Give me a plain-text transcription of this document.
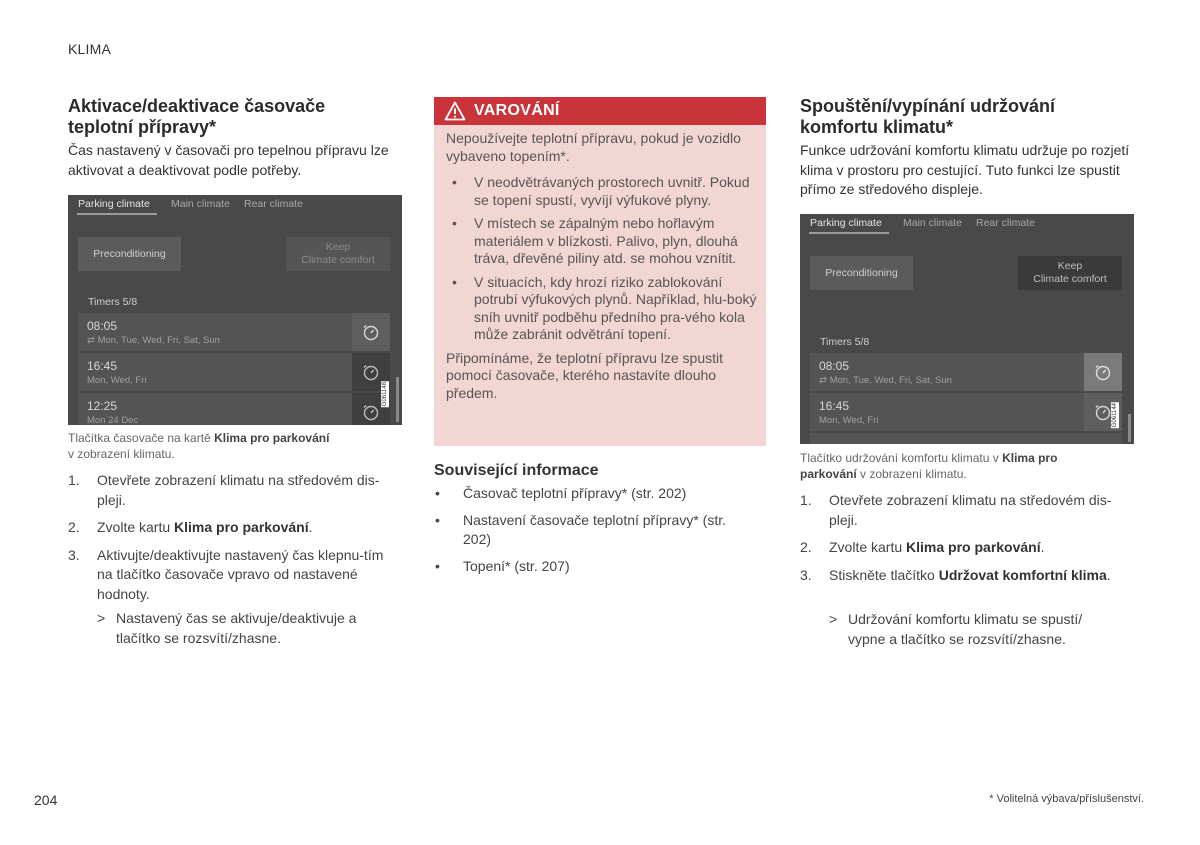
KLIMA
Aktivace/deaktivace časovače teplotní přípravy*

Čas nastavený v časovači pro tepelnou přípravu lze aktivovat a deaktivovat podle potřeby.

Parking climate Main climate Rear climate
Preconditioning
Keep
Climate comfort
Timers 5/8
08:05
⇄ Mon, Tue, Wed, Fri, Sat, Sun
16:45
Mon, Wed, Fri
12:25
Mon 24 Dec
G061148
Tlačítka časovače na kartě Klima pro parkování
v zobrazení klimatu.
1. Otevřete zobrazení klimatu na středovém dis-pleji.
2. Zvolte kartu Klima pro parkování.
3. Aktivujte/deaktivujte nastavený čas klepnu-tím na tlačítko časovače vpravo od nastavené hodnoty.
> Nastavený čas se aktivuje/deaktivuje a tlačítko se rozsvítí/zhasne.
VAROVÁNÍ

Nepoužívejte teplotní přípravu, pokud je vozidlo vybaveno topením*.

• V neodvětrávaných prostorech uvnitř. Pokud se topení spustí, vyvíjí výfukové plyny.
• V místech se zápalným nebo hořlavým materiálem v blízkosti. Palivo, plyn, dlouhá tráva, dřevěné piliny atd. se mohou vznítit.
• V situacích, kdy hrozí riziko zablokování potrubí výfukových plynů. Například, hlu-boký sníh uvnitř podběhu předního pra-vého kola může zabránit odvětrání topení.

Připomínáme, že teplotní přípravu lze spustit pomocí časovače, kterého nastavíte dlouho předem.

Související informace
• Časovač teplotní přípravy* (str. 202)
• Nastavení časovače teplotní přípravy* (str. 202)
• Topení* (str. 207)
Spouštění/vypínání udržování komfortu klimatu*

Funkce udržování komfortu klimatu udržuje po rozjetí klima v prostoru pro cestující. Tuto funkci lze spustit přímo ze středového displeje.

Parking climate Main climate Rear climate
Preconditioning
Keep
Climate comfort
Timers 5/8
08:05
⇄ Mon, Tue, Wed, Fri, Sat, Sun
16:45
Mon, Wed, Fri	G061144
Tlačítko udržování komfortu klimatu v Klima pro parkování v zobrazení klimatu.
1. Otevřete zobrazení klimatu na středovém dis-pleji.
2. Zvolte kartu Klima pro parkování.
3. Stiskněte tlačítko Udržovat komfortní klima.
> Udržování komfortu klimatu se spustí/ vypne a tlačítko se rozsvítí/zhasne.
204	* Volitelná výbava/příslušenství.
